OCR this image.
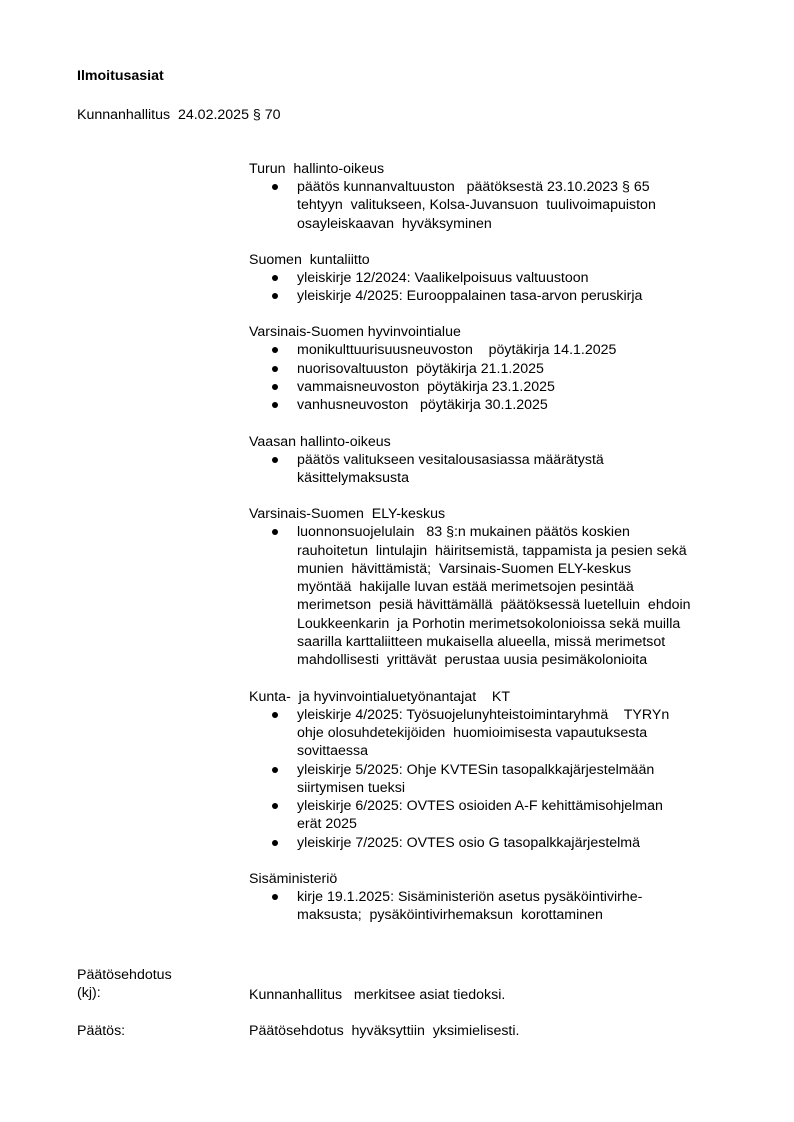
Ilmoitusasiat
Kunnanhallitus  24.02.2025 § 70
Turun  hallinto-oikeus
päätös kunnanvaltuuston   päätöksestä 23.10.2023 § 65
tehtyyn  valitukseen, Kolsa-Juvansuon  tuulivoimapuiston
osayleiskaavan  hyväksyminen
Suomen  kuntaliitto
yleiskirje 12/2024: Vaalikelpoisuus valtuustoon
yleiskirje 4/2025: Eurooppalainen tasa-arvon peruskirja
Varsinais-Suomen hyvinvointialue
monikulttuurisuusneuvoston    pöytäkirja 14.1.2025
nuorisovaltuuston  pöytäkirja 21.1.2025
vammaisneuvoston  pöytäkirja 23.1.2025
vanhusneuvoston   pöytäkirja 30.1.2025
Vaasan hallinto-oikeus
päätös valitukseen vesitalousasiassa määrätystä
käsittelymaksusta
Varsinais-Suomen  ELY-keskus
luonnonsuojelulain   83 §:n mukainen päätös koskien
rauhoitetun  lintulajin  häiritsemistä, tappamista ja pesien sekä
munien  hävittämistä;  Varsinais-Suomen ELY-keskus
myöntää  hakijalle luvan estää merimetsojen pesintää
merimetson  pesiä hävittämällä  päätöksessä luetelluin  ehdoin
Loukkeenkarin  ja Porhotin merimetsokolonioissa sekä muilla
saarilla karttaliitteen mukaisella alueella, missä merimetsot
mahdollisesti  yrittävät  perustaa uusia pesimäkolonioita
Kunta-  ja hyvinvointialuetyönantajat    KT
yleiskirje 4/2025: Työsuojelunyhteistoimintaryhmä    TYRYn
ohje olosuhdetekijöiden  huomioimisesta vapautuksesta
sovittaessa
yleiskirje 5/2025: Ohje KVTESin tasopalkkajärjestelmään
siirtymisen tueksi
yleiskirje 6/2025: OVTES osioiden A-F kehittämisohjelman
erät 2025
yleiskirje 7/2025: OVTES osio G tasopalkkajärjestelmä
Sisäministeriö
kirje 19.1.2025: Sisäministeriön asetus pysäköintivirhe-
maksusta;  pysäköintivirhemaksun  korottaminen
Päätösehdotus
(kj):	Kunnanhallitus   merkitsee asiat tiedoksi.
Päätös:	Päätösehdotus  hyväksyttiin  yksimielisesti.
